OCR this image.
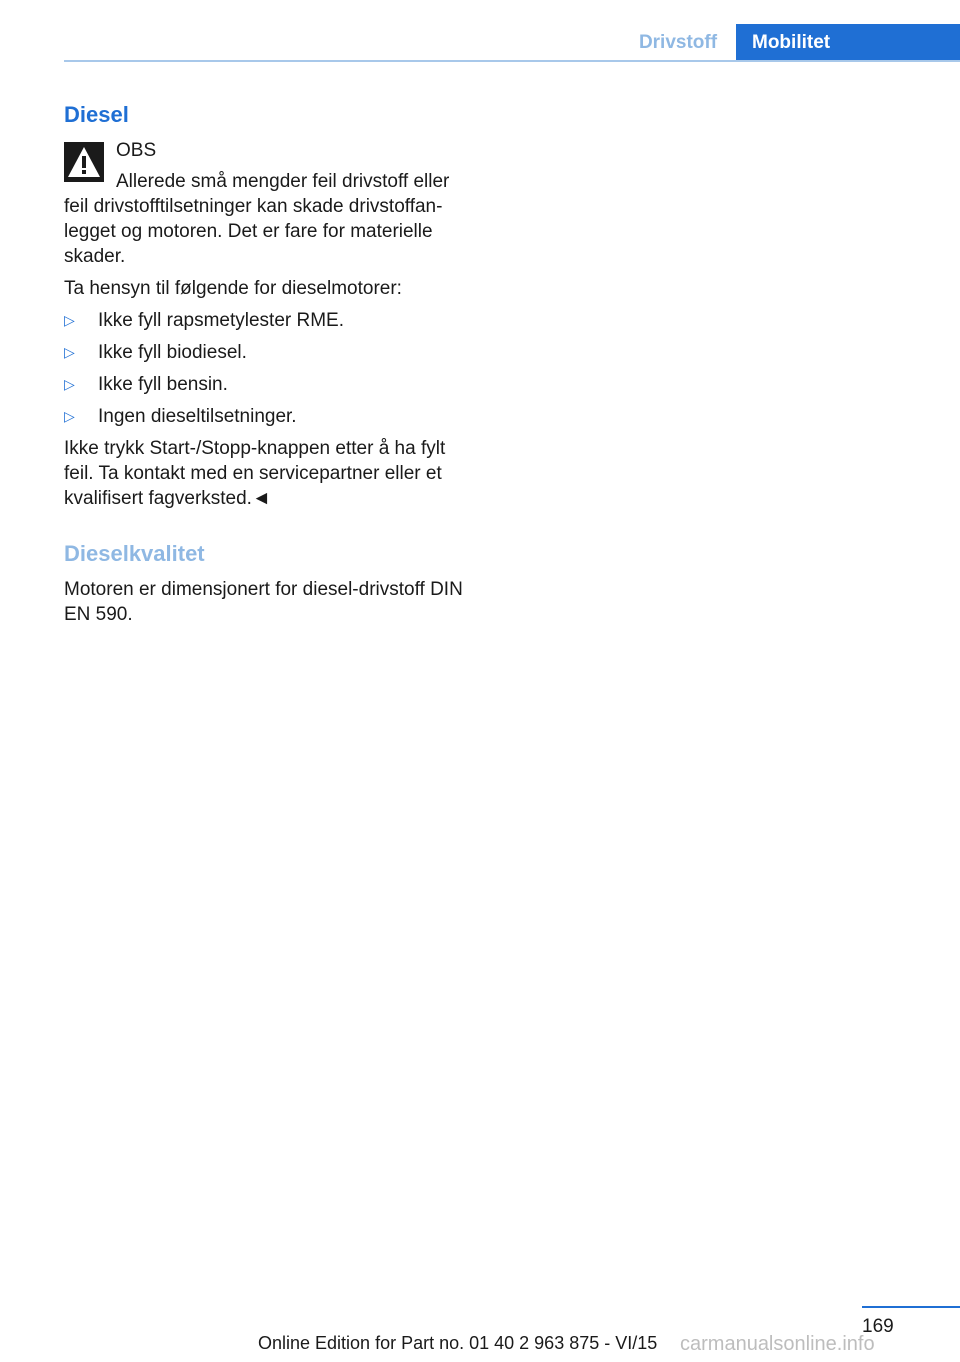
Drivstoff	Mobilitet
Diesel
OBS
Allerede små mengder feil drivstoff eller feil drivstofftilsetninger kan skade drivstoffan-legget og motoren. Det er fare for materielle skader.
Ta hensyn til følgende for dieselmotorer:
▷ Ikke fyll rapsmetylester RME.
▷ Ikke fyll biodiesel.
▷ Ikke fyll bensin.
▷ Ingen dieseltilsetninger.
Ikke trykk Start-/Stopp-knappen etter å ha fylt feil. Ta kontakt med en servicepartner eller et kvalifisert fagverksted.◄
Dieselkvalitet
Motoren er dimensjonert for diesel-drivstoff DIN EN 590.
169
Online Edition for Part no. 01 40 2 963 875 - VI/15 carmanualsonline.info
